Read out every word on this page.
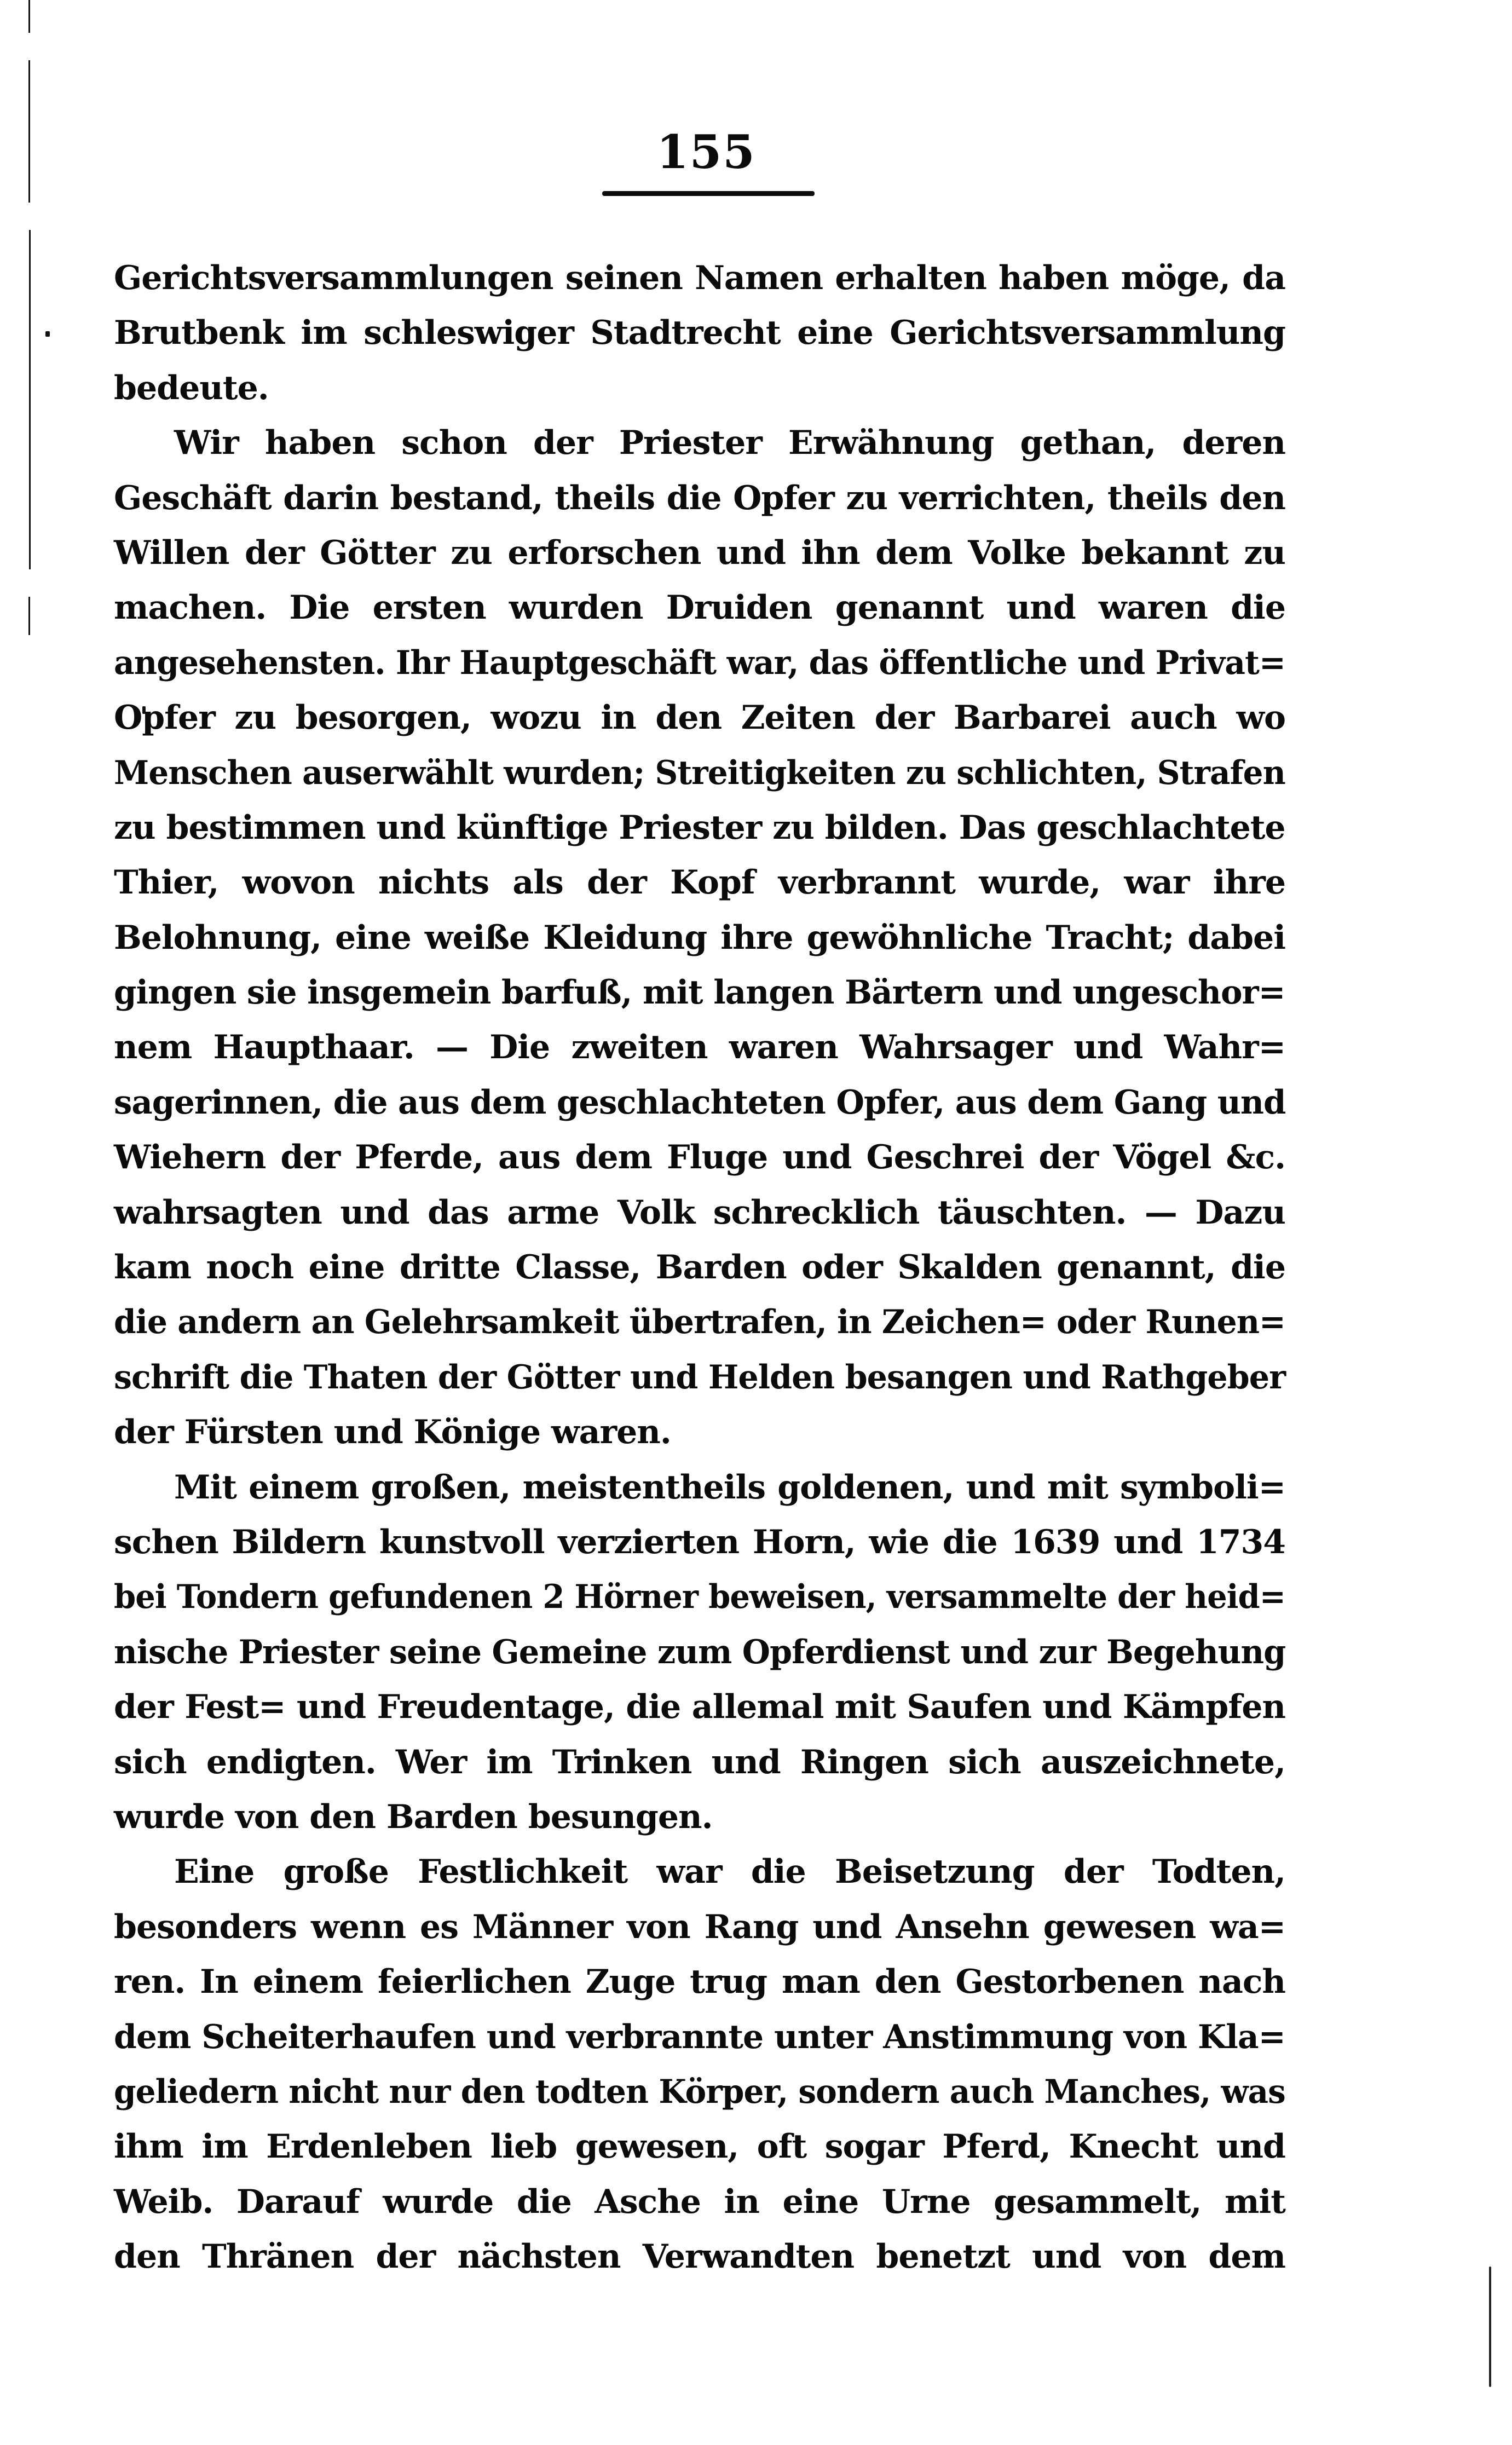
155
Gerichtsversammlungen seinen Namen erhalten haben möge, da
Brutbenk im schleswiger Stadtrecht eine Gerichtsversammlung
bedeute.
Wir haben schon der Priester Erwähnung gethan, deren
Geschäft darin bestand, theils die Opfer zu verrichten, theils den
Willen der Götter zu erforschen und ihn dem Volke bekannt zu
machen. Die ersten wurden Druiden genannt und waren die
angesehensten. Ihr Hauptgeschäft war, das öffentliche und Privat=
Opfer zu besorgen, wozu in den Zeiten der Barbarei auch wo
Menschen auserwählt wurden; Streitigkeiten zu schlichten, Strafen
zu bestimmen und künftige Priester zu bilden. Das geschlachtete
Thier, wovon nichts als der Kopf verbrannt wurde, war ihre
Belohnung, eine weiße Kleidung ihre gewöhnliche Tracht; dabei
gingen sie insgemein barfuß, mit langen Bärtern und ungeschor=
nem Haupthaar. — Die zweiten waren Wahrsager und Wahr=
sagerinnen, die aus dem geschlachteten Opfer, aus dem Gang und
Wiehern der Pferde, aus dem Fluge und Geschrei der Vögel &c.
wahrsagten und das arme Volk schrecklich täuschten. — Dazu
kam noch eine dritte Classe, Barden oder Skalden genannt, die
die andern an Gelehrsamkeit übertrafen, in Zeichen= oder Runen=
schrift die Thaten der Götter und Helden besangen und Rathgeber
der Fürsten und Könige waren.
Mit einem großen, meistentheils goldenen, und mit symboli=
schen Bildern kunstvoll verzierten Horn, wie die 1639 und 1734
bei Tondern gefundenen 2 Hörner beweisen, versammelte der heid=
nische Priester seine Gemeine zum Opferdienst und zur Begehung
der Fest= und Freudentage, die allemal mit Saufen und Kämpfen
sich endigten. Wer im Trinken und Ringen sich auszeichnete,
wurde von den Barden besungen.
Eine große Festlichkeit war die Beisetzung der Todten,
besonders wenn es Männer von Rang und Ansehn gewesen wa=
ren. In einem feierlichen Zuge trug man den Gestorbenen nach
dem Scheiterhaufen und verbrannte unter Anstimmung von Kla=
geliedern nicht nur den todten Körper, sondern auch Manches, was
ihm im Erdenleben lieb gewesen, oft sogar Pferd, Knecht und
Weib. Darauf wurde die Asche in eine Urne gesammelt, mit
den Thränen der nächsten Verwandten benetzt und von dem
